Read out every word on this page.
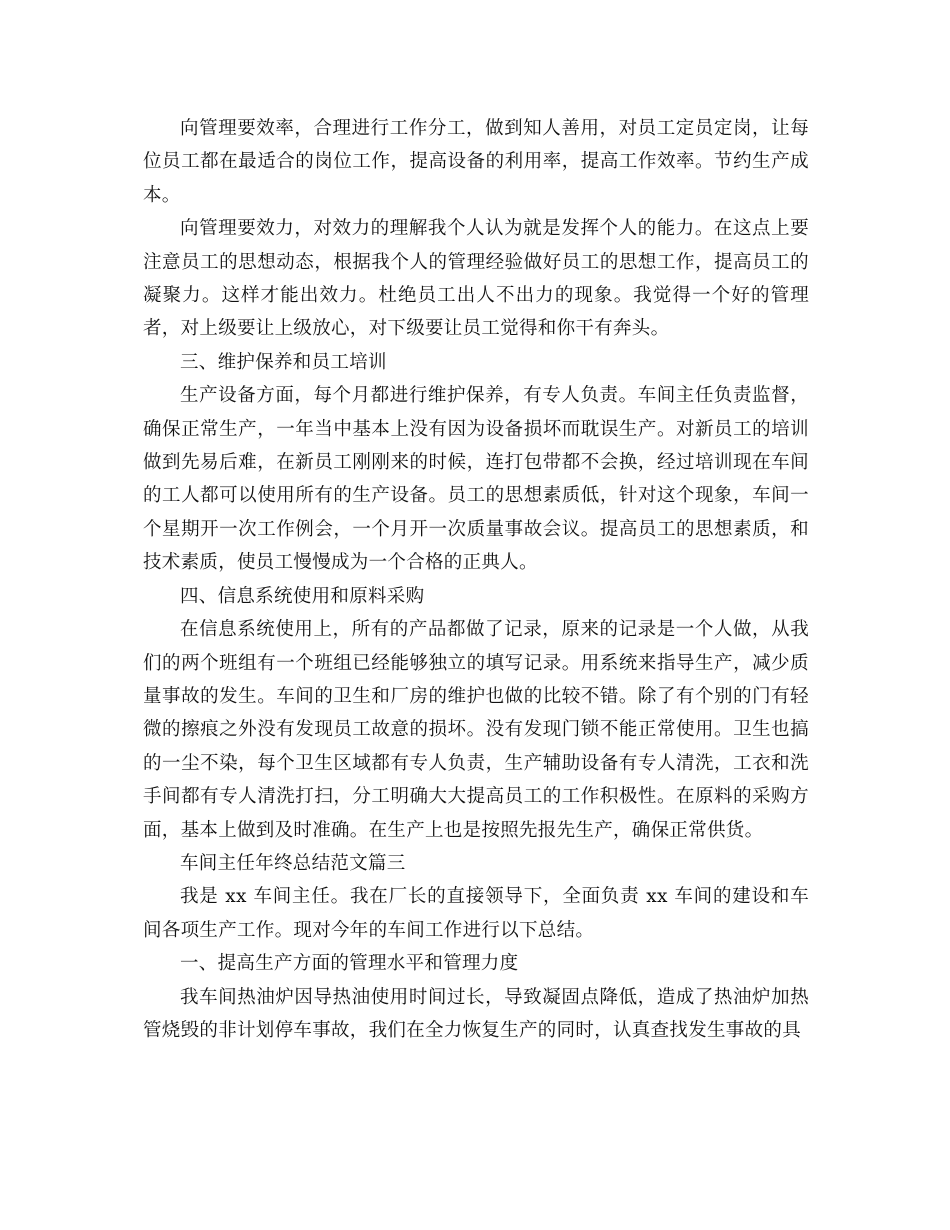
向管理要效率，合理进行工作分工，做到知人善用，对员工定员定岗，让每位员工都在最适合的岗位工作，提高设备的利用率，提高工作效率。节约生产成本。

向管理要效力，对效力的理解我个人认为就是发挥个人的能力。在这点上要注意员工的思想动态，根据我个人的管理经验做好员工的思想工作，提高员工的凝聚力。这样才能出效力。杜绝员工出人不出力的现象。我觉得一个好的管理者，对上级要让上级放心，对下级要让员工觉得和你干有奔头。

三、维护保养和员工培训

生产设备方面，每个月都进行维护保养，有专人负责。车间主任负责监督，确保正常生产，一年当中基本上没有因为设备损坏而耽误生产。对新员工的培训做到先易后难，在新员工刚刚来的时候，连打包带都不会换，经过培训现在车间的工人都可以使用所有的生产设备。员工的思想素质低，针对这个现象，车间一个星期开一次工作例会，一个月开一次质量事故会议。提高员工的思想素质，和技术素质，使员工慢慢成为一个合格的正典人。

四、信息系统使用和原料采购

在信息系统使用上，所有的产品都做了记录，原来的记录是一个人做，从我们的两个班组有一个班组已经能够独立的填写记录。用系统来指导生产，减少质量事故的发生。车间的卫生和厂房的维护也做的比较不错。除了有个别的门有轻微的擦痕之外没有发现员工故意的损坏。没有发现门锁不能正常使用。卫生也搞的一尘不染，每个卫生区域都有专人负责，生产辅助设备有专人清洗，工衣和洗手间都有专人清洗打扫，分工明确大大提高员工的工作积极性。在原料的采购方面，基本上做到及时准确。在生产上也是按照先报先生产，确保正常供货。

车间主任年终总结范文篇三

我是 xx 车间主任。我在厂长的直接领导下，全面负责 xx 车间的建设和车间各项生产工作。现对今年的车间工作进行以下总结。

一、提高生产方面的管理水平和管理力度

我车间热油炉因导热油使用时间过长，导致凝固点降低，造成了热油炉加热管烧毁的非计划停车事故，我们在全力恢复生产的同时，认真查找发生事故的具
